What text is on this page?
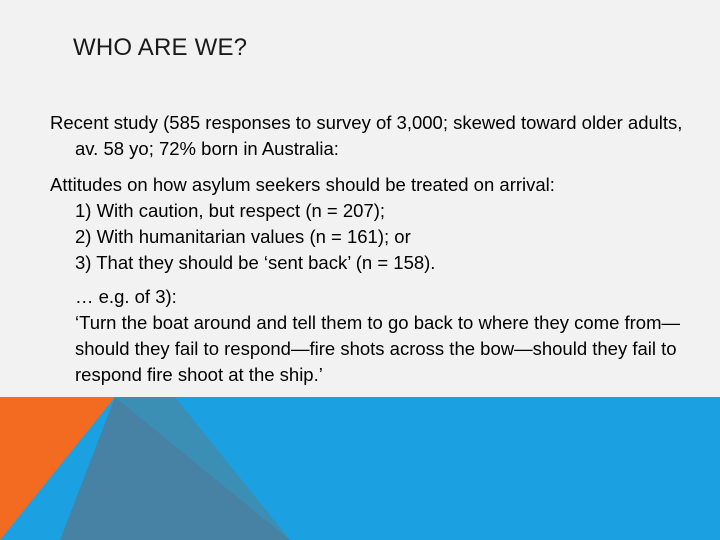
WHO ARE WE?

Recent study (585 responses to survey of 3,000; skewed toward older adults, av. 58 yo; 72% born in Australia:

Attitudes on how asylum seekers should be treated on arrival:
1) With caution, but respect (n = 207);
2) With humanitarian values (n = 161); or
3) That they should be ‘sent back’ (n = 158).
… e.g. of 3):
‘Turn the boat around and tell them to go back to where they come from—should they fail to respond—fire shots across the bow—should they fail to respond fire shoot at the ship.’
